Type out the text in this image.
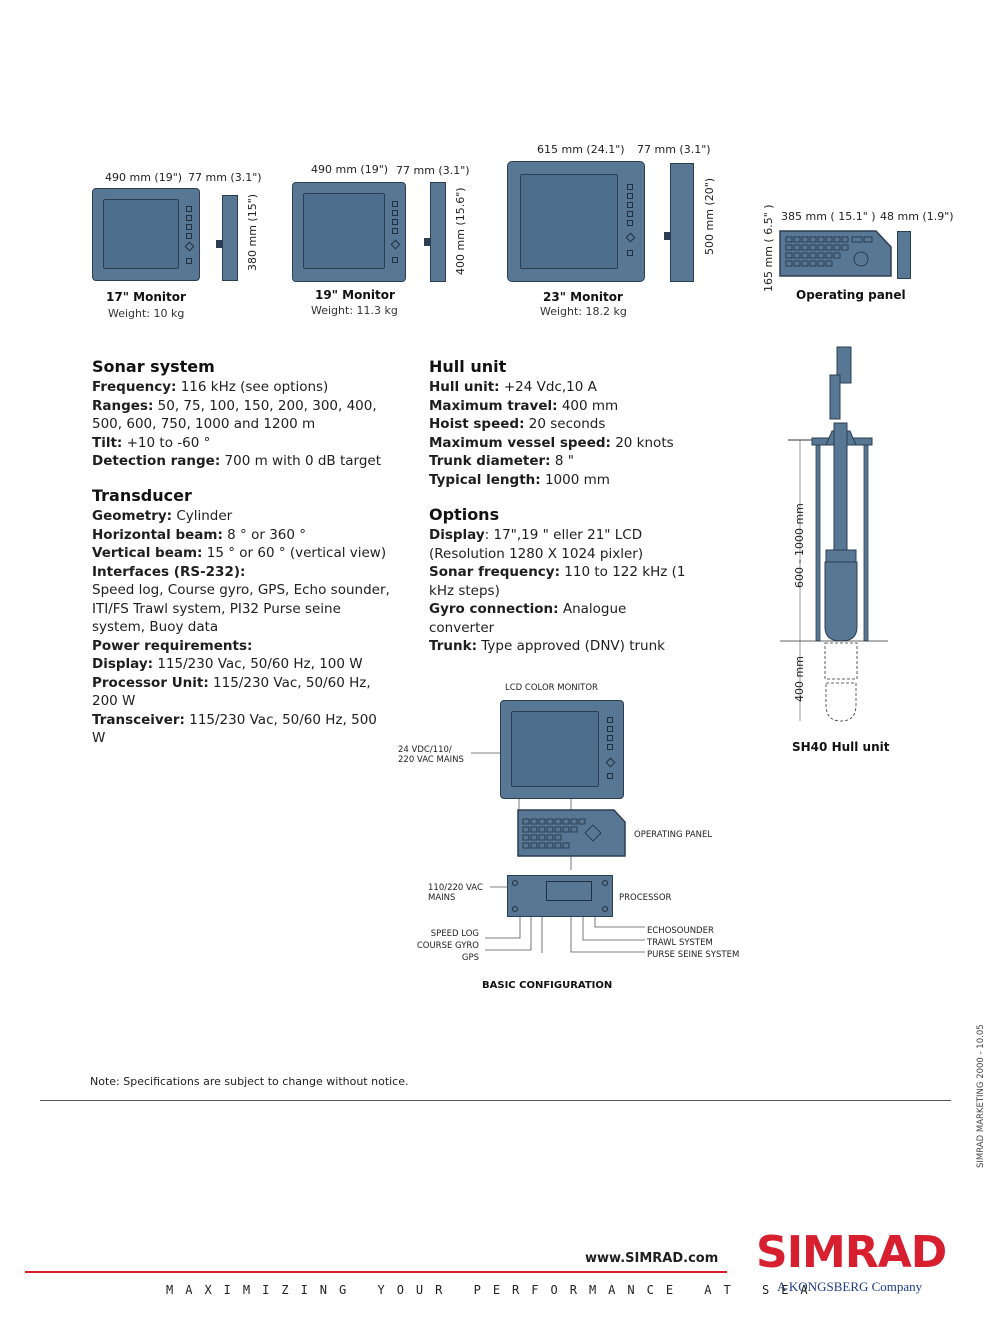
490 mm (19") 77 mm (3.1")
380 mm (15")
17" Monitor
Weight: 10 kg
490 mm (19") 77 mm (3.1")
400 mm (15.6")
19" Monitor
Weight: 11.3 kg
615 mm (24.1") 77 mm (3.1")
500 mm (20")
23" Monitor
Weight: 18.2 kg
385 mm ( 15.1" ) 48 mm (1.9")
165 mm ( 6.5" )
Operating panel
Sonar system

Frequency: 116 kHz (see options)

Ranges: 50, 75, 100, 150, 200, 300, 400, 500, 600, 750, 1000 and 1200 m

Tilt: +10 to -60 °

Detection range: 700 m with 0 dB target

Transducer

Geometry: Cylinder

Horizontal beam: 8 ° or 360 °

Vertical beam: 15 ° or 60 ° (vertical view)

Interfaces (RS-232):

Speed log, Course gyro, GPS, Echo sounder, ITI/FS Trawl system, PI32 Purse seine system, Buoy data

Power requirements:

Display: 115/230 Vac, 50/60 Hz, 100 W

Processor Unit: 115/230 Vac, 50/60 Hz, 200 W

Transceiver: 115/230 Vac, 50/60 Hz, 500 W

Hull unit

Hull unit: +24 Vdc,10 A

Maximum travel: 400 mm

Hoist speed: 20 seconds

Maximum vessel speed: 20 knots

Trunk diameter: 8 "

Typical length: 1000 mm

Options

Display: 17",19 " eller 21" LCD (Resolution 1280 X 1024 pixler)

Sonar frequency: 110 to 122 kHz (1 kHz steps)

Gyro connection: Analogue converter

Trunk: Type approved (DNV) trunk

600 - 1000 mm
400 mm
SH40 Hull unit
LCD COLOR MONITOR
24 VDC/110/
220 VAC MAINS
OPERATING PANEL
110/220 VAC
MAINS	PROCESSOR
SPEED LOG
COURSE GYRO
GPS
ECHOSOUNDER
TRAWL SYSTEM
PURSE SEINE SYSTEM
BASIC CONFIGURATION
Note: Specifications are subject to change without notice.	SIMRAD MARKETING 2000 - 10.05
www.SIMRAD.com SIMRAD
A KONGSBERG Company
MAXIMIZING YOUR PERFORMANCE AT SEA
